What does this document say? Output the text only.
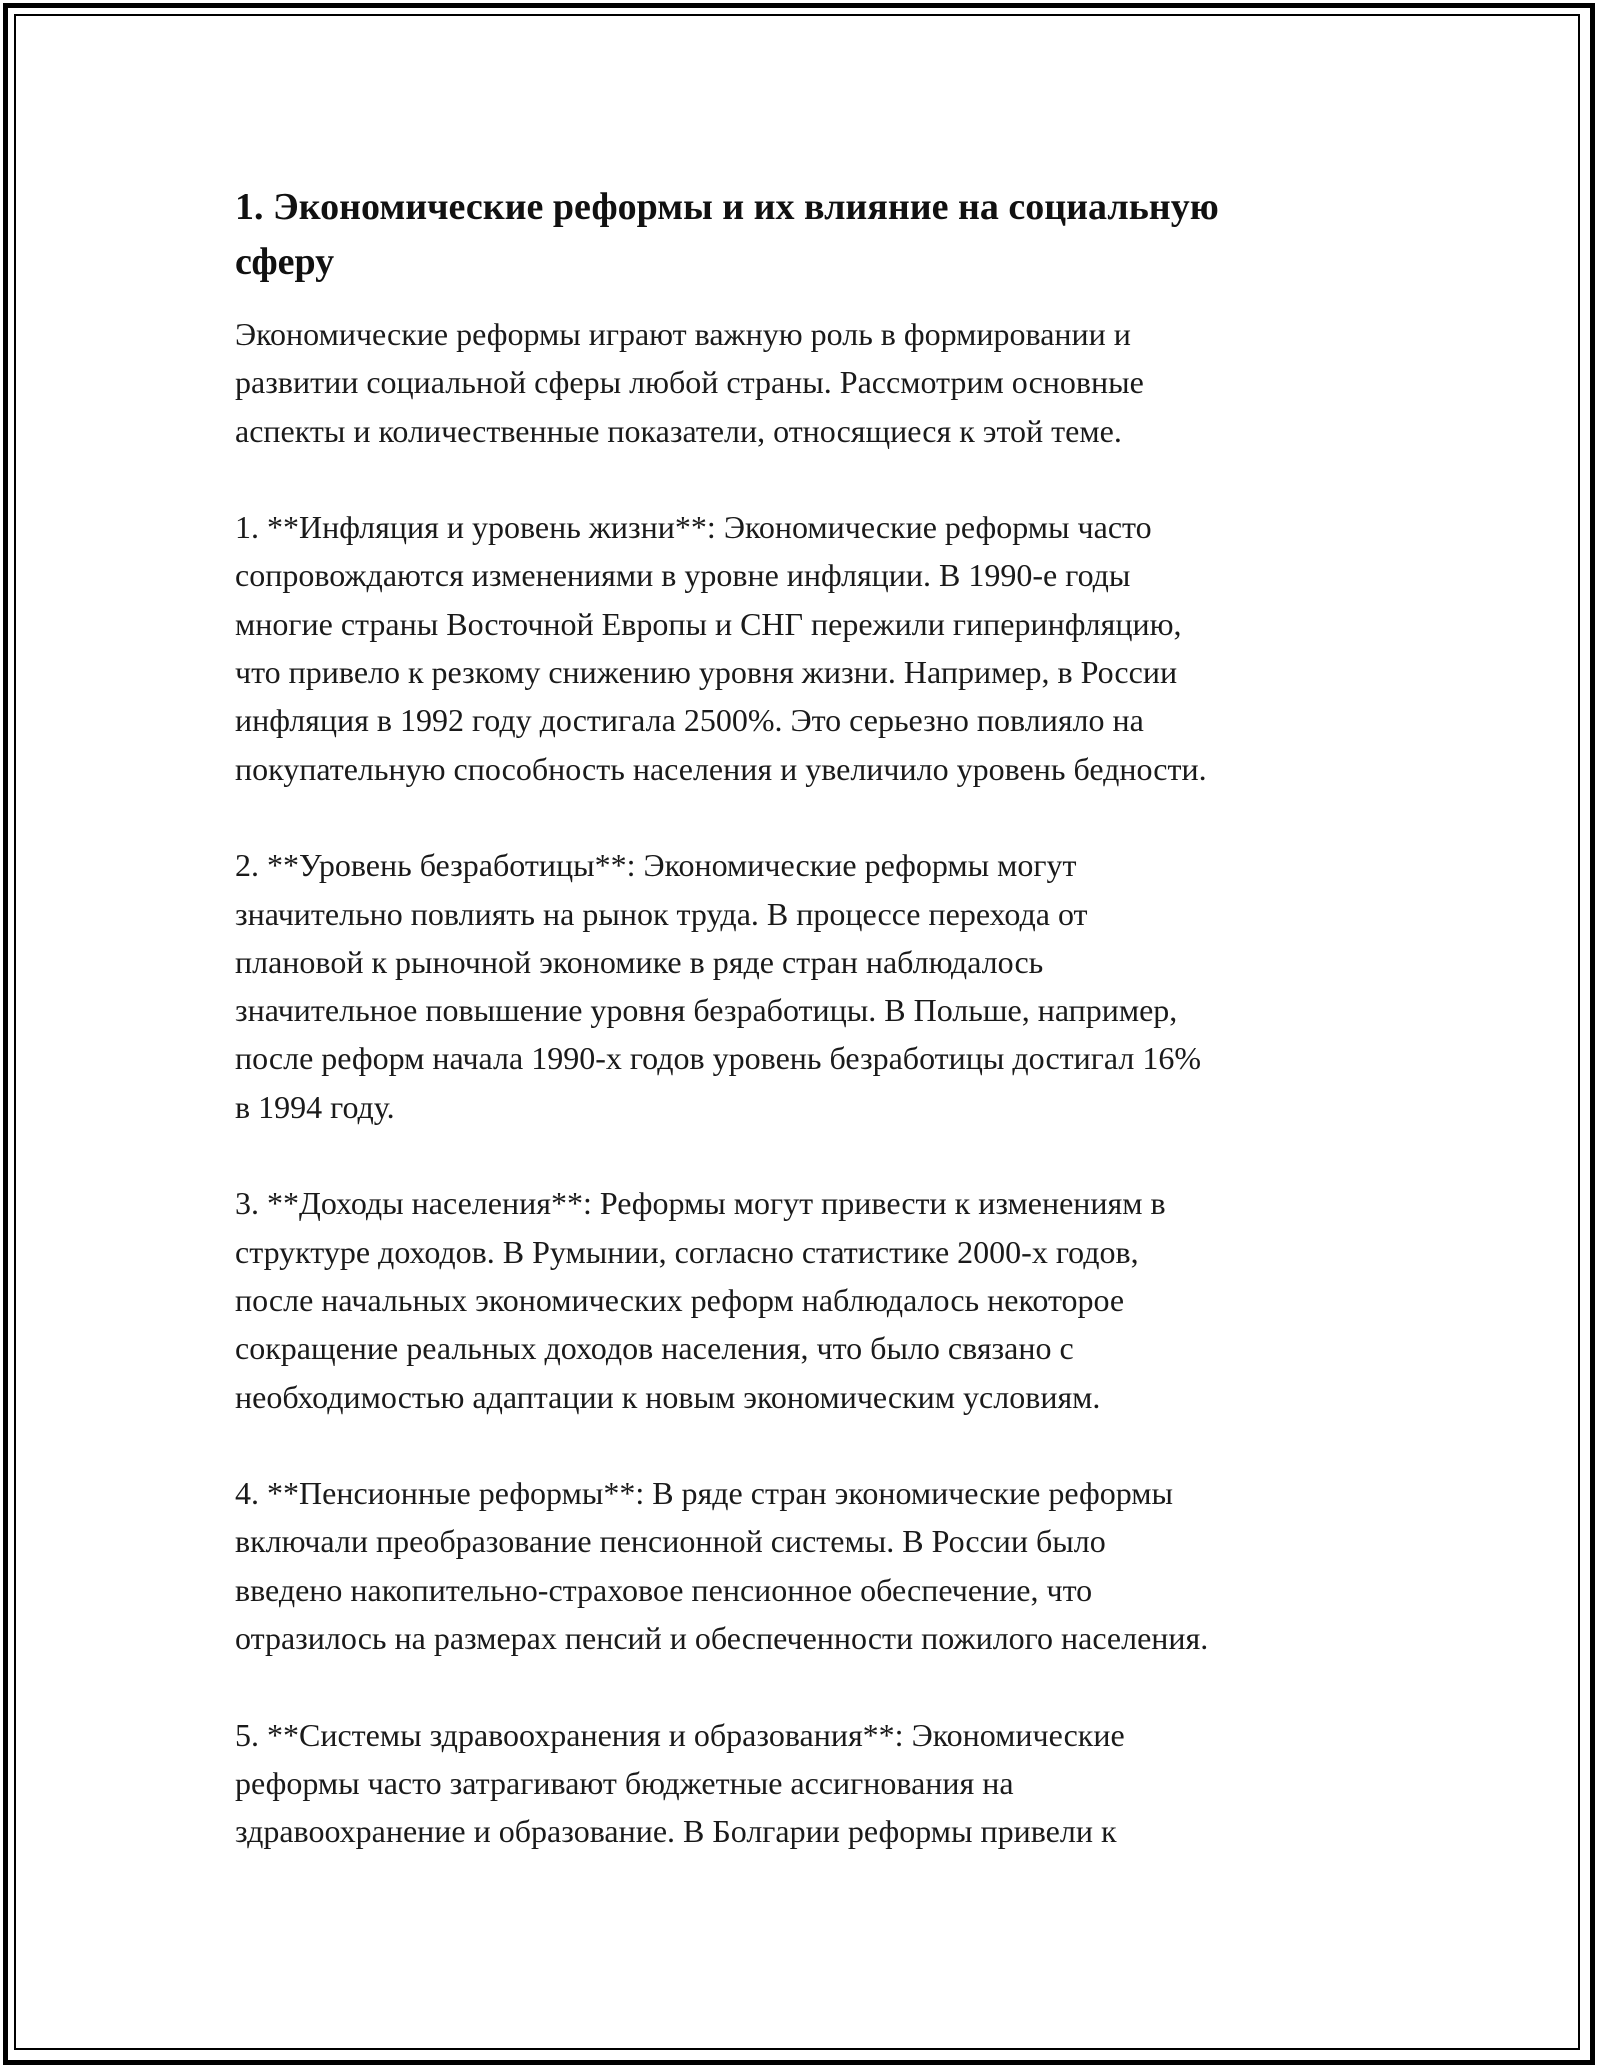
1. Экономические реформы и их влияние на социальную
сферу

Экономические реформы играют важную роль в формировании и
развитии социальной сферы любой страны. Рассмотрим основные
аспекты и количественные показатели, относящиеся к этой теме.

1. **Инфляция и уровень жизни**: Экономические реформы часто
сопровождаются изменениями в уровне инфляции. В 1990-е годы
многие страны Восточной Европы и СНГ пережили гиперинфляцию,
что привело к резкому снижению уровня жизни. Например, в России
инфляция в 1992 году достигала 2500%. Это серьезно повлияло на
покупательную способность населения и увеличило уровень бедности.

2. **Уровень безработицы**: Экономические реформы могут
значительно повлиять на рынок труда. В процессе перехода от
плановой к рыночной экономике в ряде стран наблюдалось
значительное повышение уровня безработицы. В Польше, например,
после реформ начала 1990-х годов уровень безработицы достигал 16%
в 1994 году.

3. **Доходы населения**: Реформы могут привести к изменениям в
структуре доходов. В Румынии, согласно статистике 2000-х годов,
после начальных экономических реформ наблюдалось некоторое
сокращение реальных доходов населения, что было связано с
необходимостью адаптации к новым экономическим условиям.

4. **Пенсионные реформы**: В ряде стран экономические реформы
включали преобразование пенсионной системы. В России было
введено накопительно-страховое пенсионное обеспечение, что
отразилось на размерах пенсий и обеспеченности пожилого населения.

5. **Системы здравоохранения и образования**: Экономические
реформы часто затрагивают бюджетные ассигнования на
здравоохранение и образование. В Болгарии реформы привели к
